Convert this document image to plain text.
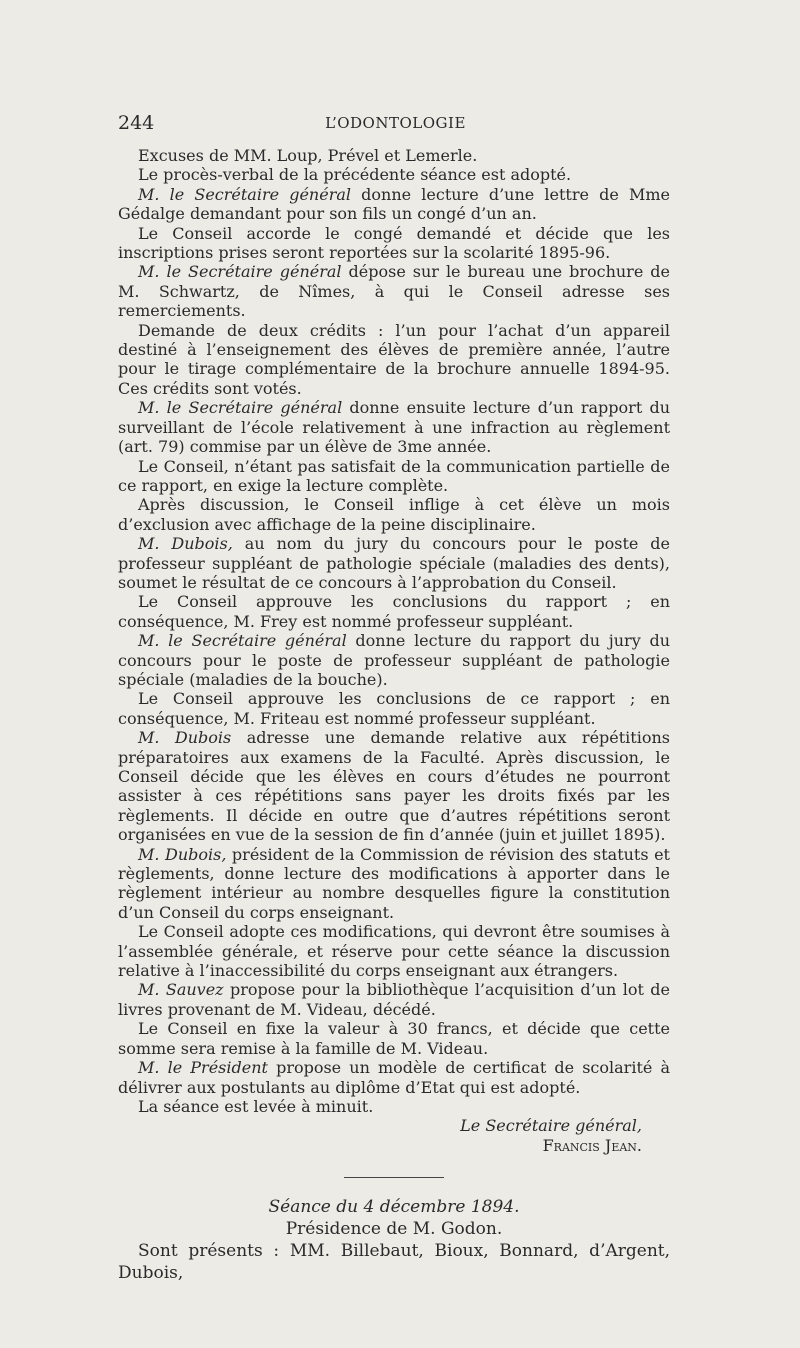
244	L’ODONTOLOGIE

Excuses de MM. Loup, Prével et Lemerle.

Le procès-verbal de la précédente séance est adopté.

M. le Secrétaire général donne lecture d’une lettre de Mme Gédalge demandant pour son fils un congé d’un an.

Le Conseil accorde le congé demandé et décide que les inscriptions prises seront reportées sur la scolarité 1895-96.

M. le Secrétaire général dépose sur le bureau une brochure de M. Schwartz, de Nîmes, à qui le Conseil adresse ses remerciements.

Demande de deux crédits : l’un pour l’achat d’un appareil destiné à l’enseignement des élèves de première année, l’autre pour le tirage complémentaire de la brochure annuelle 1894-95. Ces crédits sont votés.

M. le Secrétaire général donne ensuite lecture d’un rapport du surveillant de l’école relativement à une infraction au règlement (art. 79) commise par un élève de 3me année.

Le Conseil, n’étant pas satisfait de la communication partielle de ce rapport, en exige la lecture complète.

Après discussion, le Conseil inflige à cet élève un mois d’exclusion avec affichage de la peine disciplinaire.

M. Dubois, au nom du jury du concours pour le poste de professeur suppléant de pathologie spéciale (maladies des dents), soumet le résultat de ce concours à l’approbation du Conseil.

Le Conseil approuve les conclusions du rapport ; en conséquence, M. Frey est nommé professeur suppléant.

M. le Secrétaire général donne lecture du rapport du jury du concours pour le poste de professeur suppléant de pathologie spéciale (maladies de la bouche).

Le Conseil approuve les conclusions de ce rapport ; en conséquence, M. Friteau est nommé professeur suppléant.

M. Dubois adresse une demande relative aux répétitions préparatoires aux examens de la Faculté. Après discussion, le Conseil décide que les élèves en cours d’études ne pourront assister à ces répétitions sans payer les droits fixés par les règlements. Il décide en outre que d’autres répétitions seront organisées en vue de la session de fin d’année (juin et juillet 1895).

M. Dubois, président de la Commission de révision des statuts et règlements, donne lecture des modifications à apporter dans le règlement intérieur au nombre desquelles figure la constitution d’un Conseil du corps enseignant.

Le Conseil adopte ces modifications, qui devront être soumises à l’assemblée générale, et réserve pour cette séance la discussion relative à l’inaccessibilité du corps enseignant aux étrangers.

M. Sauvez propose pour la bibliothèque l’acquisition d’un lot de livres provenant de M. Videau, décédé.

Le Conseil en fixe la valeur à 30 francs, et décide que cette somme sera remise à la famille de M. Videau.

M. le Président propose un modèle de certificat de scolarité à délivrer aux postulants au diplôme d’Etat qui est adopté.

La séance est levée à minuit.

Le Secrétaire général,
Francis Jean.
Séance du 4 décembre 1894.
Présidence de M. Godon.

Sont présents : MM. Billebaut, Bioux, Bonnard, d’Argent, Dubois,
